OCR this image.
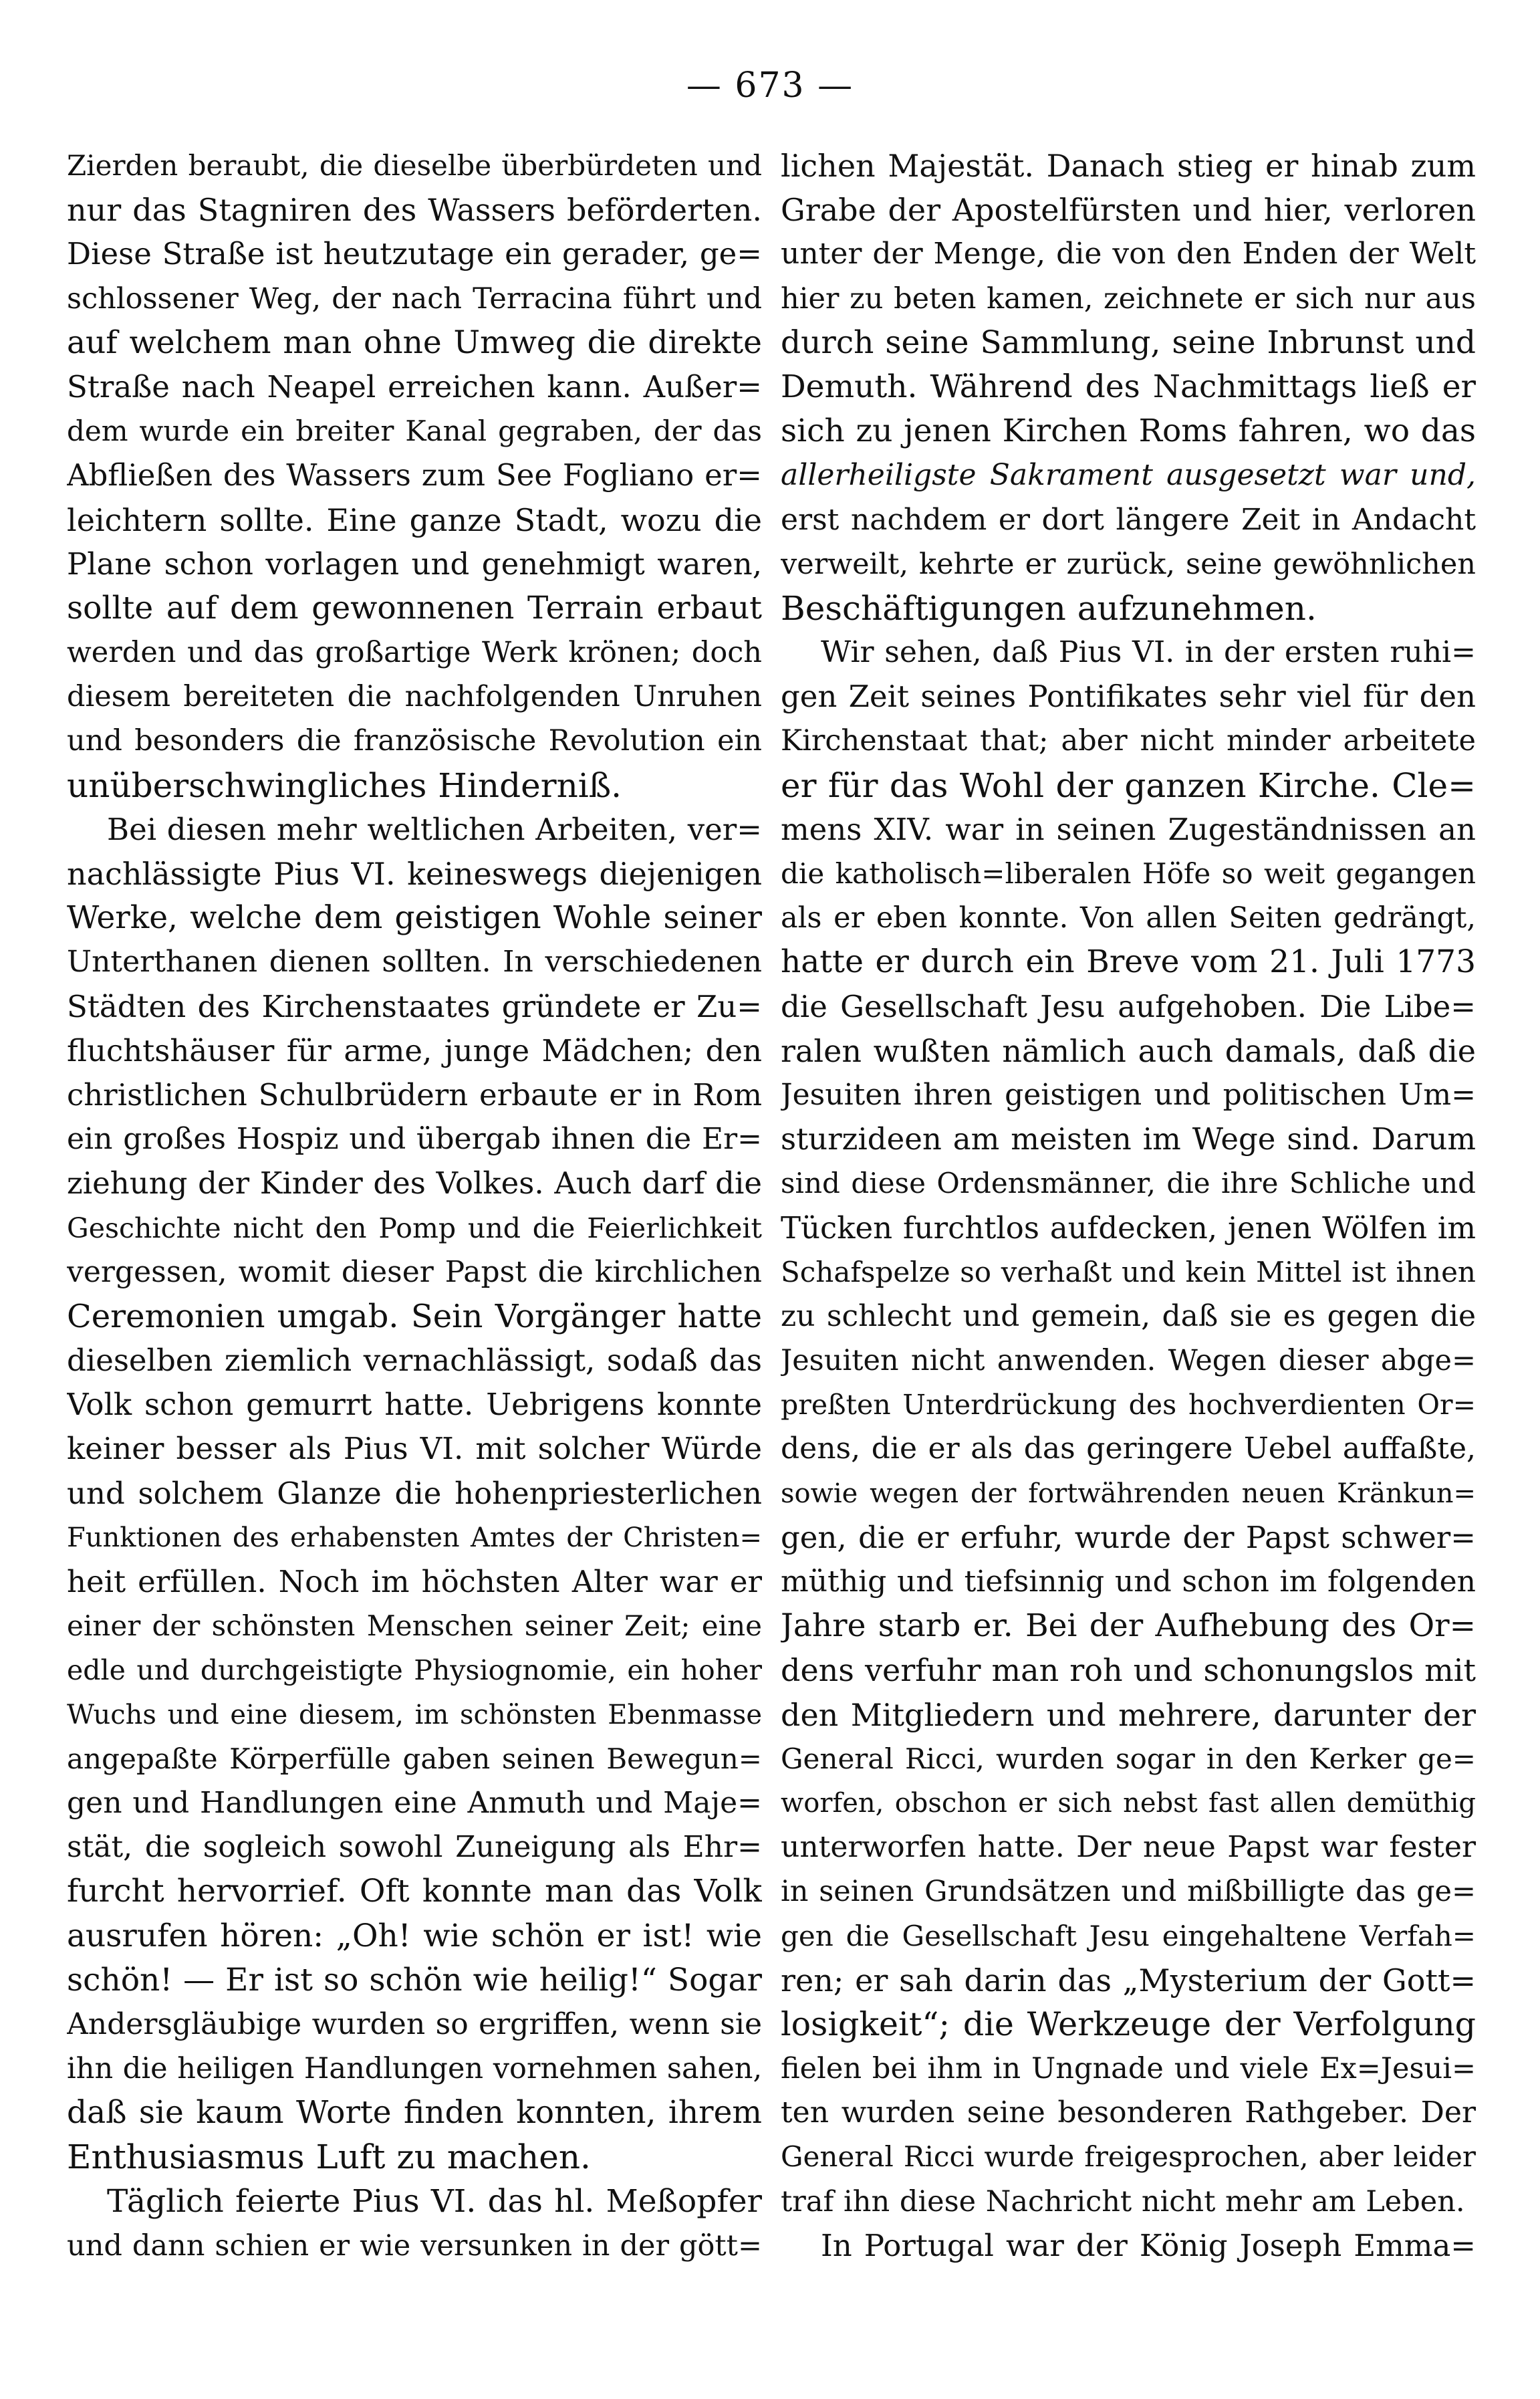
— 673 —
Zierden beraubt, die dieselbe überbürdeten und
nur das Stagniren des Wassers beförderten.
Diese Straße ist heutzutage ein gerader, ge=
schlossener Weg, der nach Terracina führt und
auf welchem man ohne Umweg die direkte
Straße nach Neapel erreichen kann. Außer=
dem wurde ein breiter Kanal gegraben, der das
Abfließen des Wassers zum See Fogliano er=
leichtern sollte. Eine ganze Stadt, wozu die
Plane schon vorlagen und genehmigt waren,
sollte auf dem gewonnenen Terrain erbaut
werden und das großartige Werk krönen; doch
diesem bereiteten die nachfolgenden Unruhen
und besonders die französische Revolution ein
unüberschwingliches Hinderniß.
Bei diesen mehr weltlichen Arbeiten, ver=
nachlässigte Pius VI. keineswegs diejenigen
Werke, welche dem geistigen Wohle seiner
Unterthanen dienen sollten. In verschiedenen
Städten des Kirchenstaates gründete er Zu=
fluchtshäuser für arme, junge Mädchen; den
christlichen Schulbrüdern erbaute er in Rom
ein großes Hospiz und übergab ihnen die Er=
ziehung der Kinder des Volkes. Auch darf die
Geschichte nicht den Pomp und die Feierlichkeit
vergessen, womit dieser Papst die kirchlichen
Ceremonien umgab. Sein Vorgänger hatte
dieselben ziemlich vernachlässigt, sodaß das
Volk schon gemurrt hatte. Uebrigens konnte
keiner besser als Pius VI. mit solcher Würde
und solchem Glanze die hohenpriesterlichen
Funktionen des erhabensten Amtes der Christen=
heit erfüllen. Noch im höchsten Alter war er
einer der schönsten Menschen seiner Zeit; eine
edle und durchgeistigte Physiognomie, ein hoher
Wuchs und eine diesem, im schönsten Ebenmasse
angepaßte Körperfülle gaben seinen Bewegun=
gen und Handlungen eine Anmuth und Maje=
stät, die sogleich sowohl Zuneigung als Ehr=
furcht hervorrief. Oft konnte man das Volk
ausrufen hören: „Oh! wie schön er ist! wie
schön! — Er ist so schön wie heilig!“ Sogar
Andersgläubige wurden so ergriffen, wenn sie
ihn die heiligen Handlungen vornehmen sahen,
daß sie kaum Worte finden konnten, ihrem
Enthusiasmus Luft zu machen.
Täglich feierte Pius VI. das hl. Meßopfer
und dann schien er wie versunken in der gött=
lichen Majestät. Danach stieg er hinab zum
Grabe der Apostelfürsten und hier, verloren
unter der Menge, die von den Enden der Welt
hier zu beten kamen, zeichnete er sich nur aus
durch seine Sammlung, seine Inbrunst und
Demuth. Während des Nachmittags ließ er
sich zu jenen Kirchen Roms fahren, wo das
allerheiligste Sakrament ausgesetzt war und,
erst nachdem er dort längere Zeit in Andacht
verweilt, kehrte er zurück, seine gewöhnlichen
Beschäftigungen aufzunehmen.
Wir sehen, daß Pius VI. in der ersten ruhi=
gen Zeit seines Pontifikates sehr viel für den
Kirchenstaat that; aber nicht minder arbeitete
er für das Wohl der ganzen Kirche. Cle=
mens XIV. war in seinen Zugeständnissen an
die katholisch=liberalen Höfe so weit gegangen
als er eben konnte. Von allen Seiten gedrängt,
hatte er durch ein Breve vom 21. Juli 1773
die Gesellschaft Jesu aufgehoben. Die Libe=
ralen wußten nämlich auch damals, daß die
Jesuiten ihren geistigen und politischen Um=
sturzideen am meisten im Wege sind. Darum
sind diese Ordensmänner, die ihre Schliche und
Tücken furchtlos aufdecken, jenen Wölfen im
Schafspelze so verhaßt und kein Mittel ist ihnen
zu schlecht und gemein, daß sie es gegen die
Jesuiten nicht anwenden. Wegen dieser abge=
preßten Unterdrückung des hochverdienten Or=
dens, die er als das geringere Uebel auffaßte,
sowie wegen der fortwährenden neuen Kränkun=
gen, die er erfuhr, wurde der Papst schwer=
müthig und tiefsinnig und schon im folgenden
Jahre starb er. Bei der Aufhebung des Or=
dens verfuhr man roh und schonungslos mit
den Mitgliedern und mehrere, darunter der
General Ricci, wurden sogar in den Kerker ge=
worfen, obschon er sich nebst fast allen demüthig
unterworfen hatte. Der neue Papst war fester
in seinen Grundsätzen und mißbilligte das ge=
gen die Gesellschaft Jesu eingehaltene Verfah=
ren; er sah darin das „Mysterium der Gott=
losigkeit“; die Werkzeuge der Verfolgung
fielen bei ihm in Ungnade und viele Ex=Jesui=
ten wurden seine besonderen Rathgeber. Der
General Ricci wurde freigesprochen, aber leider
traf ihn diese Nachricht nicht mehr am Leben.
In Portugal war der König Joseph Emma=
